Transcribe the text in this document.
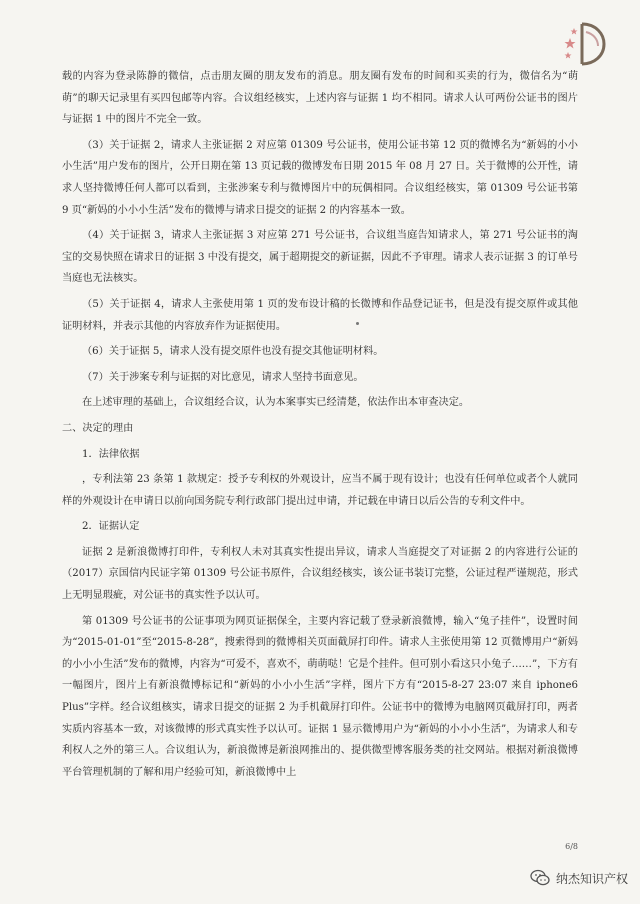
载的内容为登录陈静的微信，点击朋友圈的朋友发布的消息。朋友圈有发布的时间和买卖的行为，微信名为“萌萌”的聊天记录里有买四包邮等内容。合议组经核实，上述内容与证据 1 均不相同。请求人认可两份公证书的图片与证据 1 中的图片不完全一致。

（3）关于证据 2，请求人主张证据 2 对应第 01309 号公证书，使用公证书第 12 页的微博名为“新妈的小小小生活”用户发布的图片，公开日期在第 13 页记载的微博发布日期 2015 年 08 月 27 日。关于微博的公开性，请求人坚持微博任何人都可以看到，主张涉案专利与微博图片中的玩偶相同。合议组经核实，第 01309 号公证书第 9 页“新妈的小小小生活”发布的微博与请求日提交的证据 2 的内容基本一致。

（4）关于证据 3，请求人主张证据 3 对应第 271 号公证书，合议组当庭告知请求人，第 271 号公证书的淘宝的交易快照在请求日的证据 3 中没有提交，属于超期提交的新证据，因此不予审理。请求人表示证据 3 的订单号当庭也无法核实。

（5）关于证据 4，请求人主张使用第 1 页的发布设计稿的长微博和作品登记证书，但是没有提交原件或其他证明材料，并表示其他的内容放弃作为证据使用。

（6）关于证据 5，请求人没有提交原件也没有提交其他证明材料。

（7）关于涉案专利与证据的对比意见，请求人坚持书面意见。

在上述审理的基础上，合议组经合议，认为本案事实已经清楚，依法作出本审查决定。

二、决定的理由

1．法律依据

，专利法第 23 条第 1 款规定：授予专利权的外观设计，应当不属于现有设计；也没有任何单位或者个人就同样的外观设计在申请日以前向国务院专利行政部门提出过申请，并记载在申请日以后公告的专利文件中。

2．证据认定

证据 2 是新浪微博打印件，专利权人未对其真实性提出异议，请求人当庭提交了对证据 2 的内容进行公证的（2017）京国信内民证字第 01309 号公证书原件，合议组经核实，该公证书装订完整，公证过程严谨规范，形式上无明显瑕疵，对公证书的真实性予以认可。

第 01309 号公证书的公证事项为网页证据保全，主要内容记载了登录新浪微博，输入“兔子挂件”，设置时间为“2015-01-01”至“2015-8-28”，搜索得到的微博相关页面截屏打印件。请求人主张使用第 12 页微博用户“新妈的小小小生活”发布的微博，内容为“可爱不，喜欢不，萌萌哒！它是个挂件。但可别小看这只小兔子……”，下方有一幅图片，图片上有新浪微博标记和“新妈的小小小生活”字样，图片下方有“2015-8-27 23:07 来自 iphone6 Plus”字样。经合议组核实，请求日提交的证据 2 为手机截屏打印件。公证书中的微博为电脑网页截屏打印，两者实质内容基本一致，对该微博的形式真实性予以认可。证据 1 显示微博用户为“新妈的小小小生活”，为请求人和专利权人之外的第三人。合议组认为，新浪微博是新浪网推出的、提供微型博客服务类的社交网站。根据对新浪微博平台管理机制的了解和用户经验可知，新浪微博中上

6/8
纳杰知识产权
